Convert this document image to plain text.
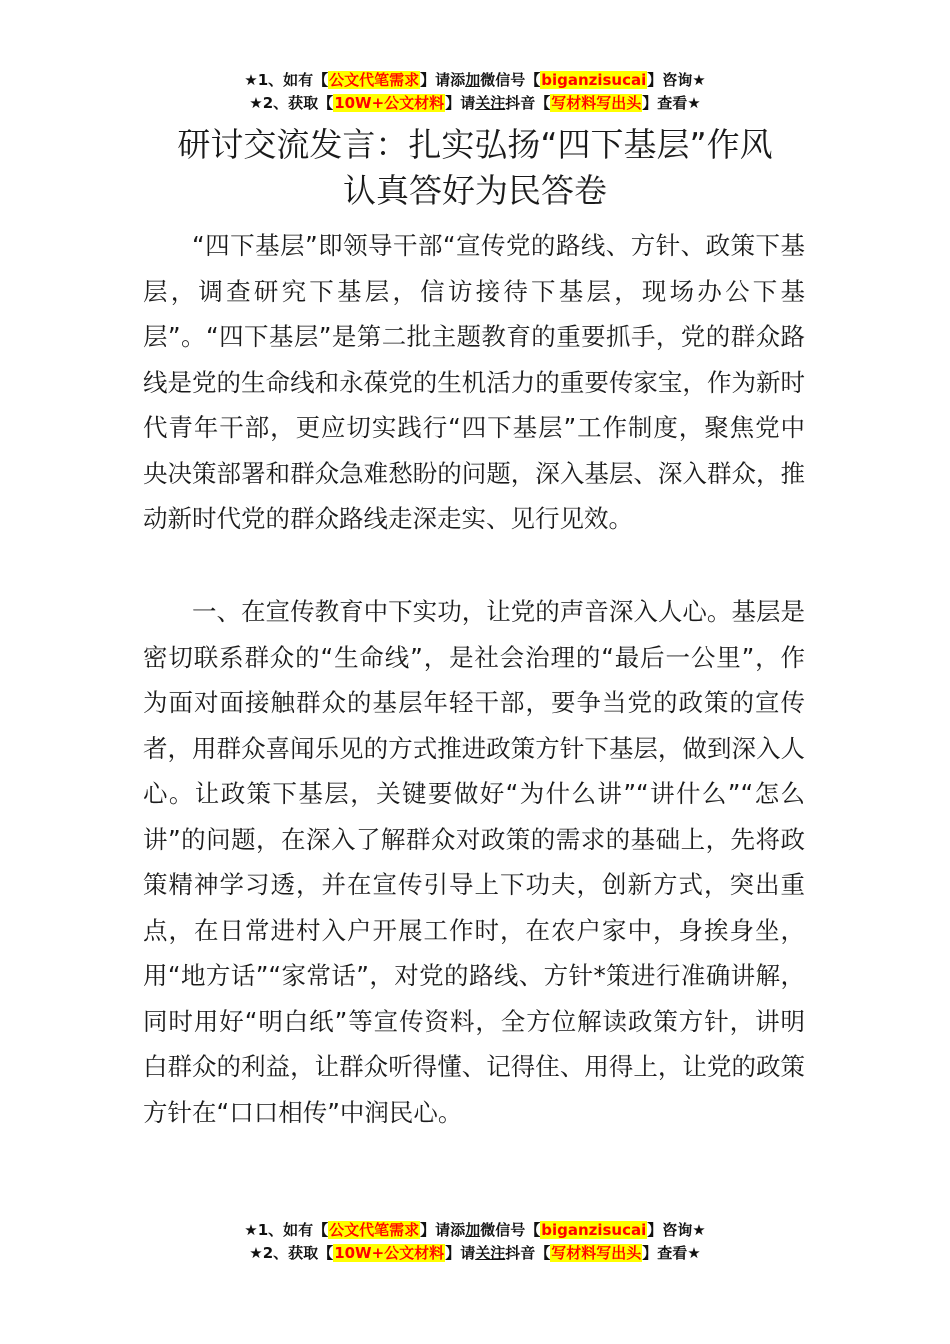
★1、如有【公文代笔需求】请添加微信号【biganzisucai】咨询★
★2、获取【10W+公文材料】请关注抖音【写材料写出头】查看★
研讨交流发言：扎实弘扬“四下基层”作风
认真答好为民答卷

“四下基层”即领导干部“宣传党的路线、方针、政策下基层，调查研究下基层，信访接待下基层，现场办公下基层”。“四下基层”是第二批主题教育的重要抓手，党的群众路线是党的生命线和永葆党的生机活力的重要传家宝，作为新时代青年干部，更应切实践行“四下基层”工作制度，聚焦党中央决策部署和群众急难愁盼的问题，深入基层、深入群众，推动新时代党的群众路线走深走实、见行见效。

一、在宣传教育中下实功，让党的声音深入人心。基层是密切联系群众的“生命线”，是社会治理的“最后一公里”，作为面对面接触群众的基层年轻干部，要争当党的政策的宣传者，用群众喜闻乐见的方式推进政策方针下基层，做到深入人心。让政策下基层，关键要做好“为什么讲”“讲什么”“怎么讲”的问题，在深入了解群众对政策的需求的基础上，先将政策精神学习透，并在宣传引导上下功夫，创新方式，突出重点，在日常进村入户开展工作时，在农户家中，身挨身坐，用“地方话”“家常话”，对党的路线、方针*策进行准确讲解，同时用好“明白纸”等宣传资料，全方位解读政策方针，讲明白群众的利益，让群众听得懂、记得住、用得上，让党的政策方针在“口口相传”中润民心。

★1、如有【公文代笔需求】请添加微信号【biganzisucai】咨询★
★2、获取【10W+公文材料】请关注抖音【写材料写出头】查看★
